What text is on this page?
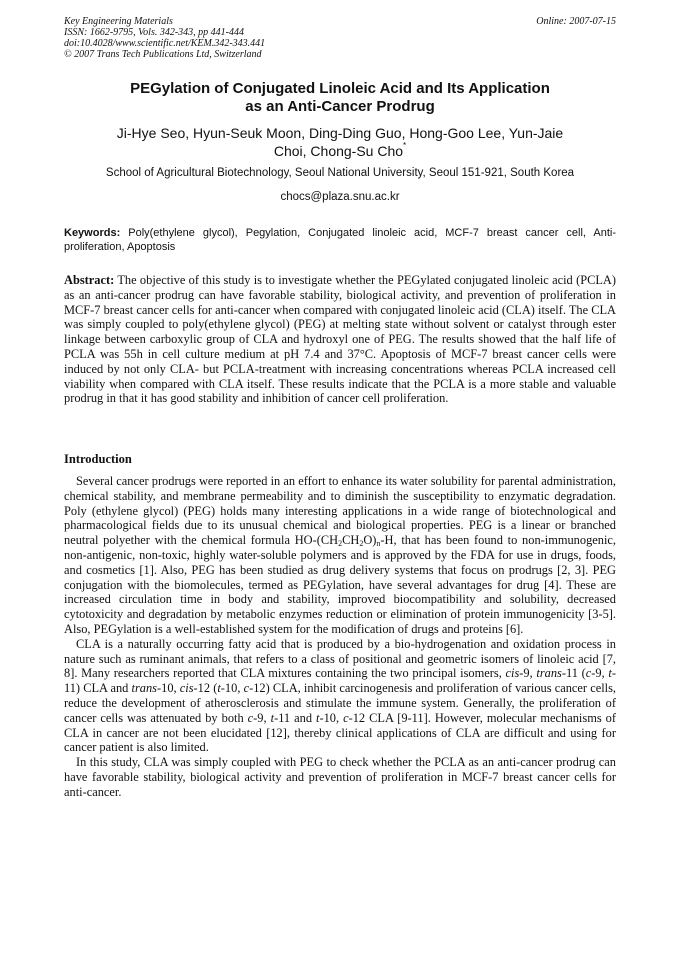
Key Engineering Materials
ISSN: 1662-9795, Vols. 342-343, pp 441-444
doi:10.4028/www.scientific.net/KEM.342-343.441
© 2007 Trans Tech Publications Ltd, Switzerland
Online: 2007-07-15
PEGylation of Conjugated Linoleic Acid and Its Application
as an Anti-Cancer Prodrug
Ji-Hye Seo, Hyun-Seuk Moon, Ding-Ding Guo, Hong-Goo Lee, Yun-Jaie
Choi, Chong-Su Cho*
School of Agricultural Biotechnology, Seoul National University, Seoul 151-921, South Korea
chocs@plaza.snu.ac.kr
Keywords: Poly(ethylene glycol), Pegylation, Conjugated linoleic acid, MCF-7 breast cancer cell, Anti-proliferation, Apoptosis
Abstract: The objective of this study is to investigate whether the PEGylated conjugated linoleic acid (PCLA) as an anti-cancer prodrug can have favorable stability, biological activity, and prevention of proliferation in MCF-7 breast cancer cells for anti-cancer when compared with conjugated linoleic acid (CLA) itself. The CLA was simply coupled to poly(ethylene glycol) (PEG) at melting state without solvent or catalyst through ester linkage between carboxylic group of CLA and hydroxyl one of PEG. The results showed that the half life of PCLA was 55h in cell culture medium at pH 7.4 and 37°C. Apoptosis of MCF-7 breast cancer cells were induced by not only CLA- but PCLA-treatment with increasing concentrations whereas PCLA increased cell viability when compared with CLA itself. These results indicate that the PCLA is a more stable and valuable prodrug in that it has good stability and inhibition of cancer cell proliferation.
Introduction

Several cancer prodrugs were reported in an effort to enhance its water solubility for parental administration, chemical stability, and membrane permeability and to diminish the susceptibility to enzymatic degradation. Poly (ethylene glycol) (PEG) holds many interesting applications in a wide range of biotechnological and pharmacological fields due to its unusual chemical and biological properties. PEG is a linear or branched neutral polyether with the chemical formula $HO-(CH_2CH_2O)_n-H$, that has been found to non-immunogenic, non-antigenic, non-toxic, highly water-soluble polymers and is approved by the FDA for use in drugs, foods, and cosmetics [1]. Also, PEG has been studied as drug delivery systems that focus on prodrugs [2, 3]. PEG conjugation with the biomolecules, termed as PEGylation, have several advantages for drug [4]. These are increased circulation time in body and stability, improved biocompatibility and solubility, decreased cytotoxicity and degradation by metabolic enzymes reduction or elimination of protein immunogenicity [3-5]. Also, PEGylation is a well-established system for the modification of drugs and proteins [6].

CLA is a naturally occurring fatty acid that is produced by a bio-hydrogenation and oxidation process in nature such as ruminant animals, that refers to a class of positional and geometric isomers of linoleic acid [7, 8]. Many researchers reported that CLA mixtures containing the two principal isomers, cis-9, trans-11 (c-9, t-11) CLA and trans-10, cis-12 (t-10, c-12) CLA, inhibit carcinogenesis and proliferation of various cancer cells, reduce the development of atherosclerosis and stimulate the immune system. Generally, the proliferation of cancer cells was attenuated by both c-9, t-11 and t-10, c-12 CLA [9-11]. However, molecular mechanisms of CLA in cancer are not been elucidated [12], thereby clinical applications of CLA are difficult and using for cancer patient is also limited.

In this study, CLA was simply coupled with PEG to check whether the PCLA as an anti-cancer prodrug can have favorable stability, biological activity and prevention of proliferation in MCF-7 breast cancer cells for anti-cancer.
